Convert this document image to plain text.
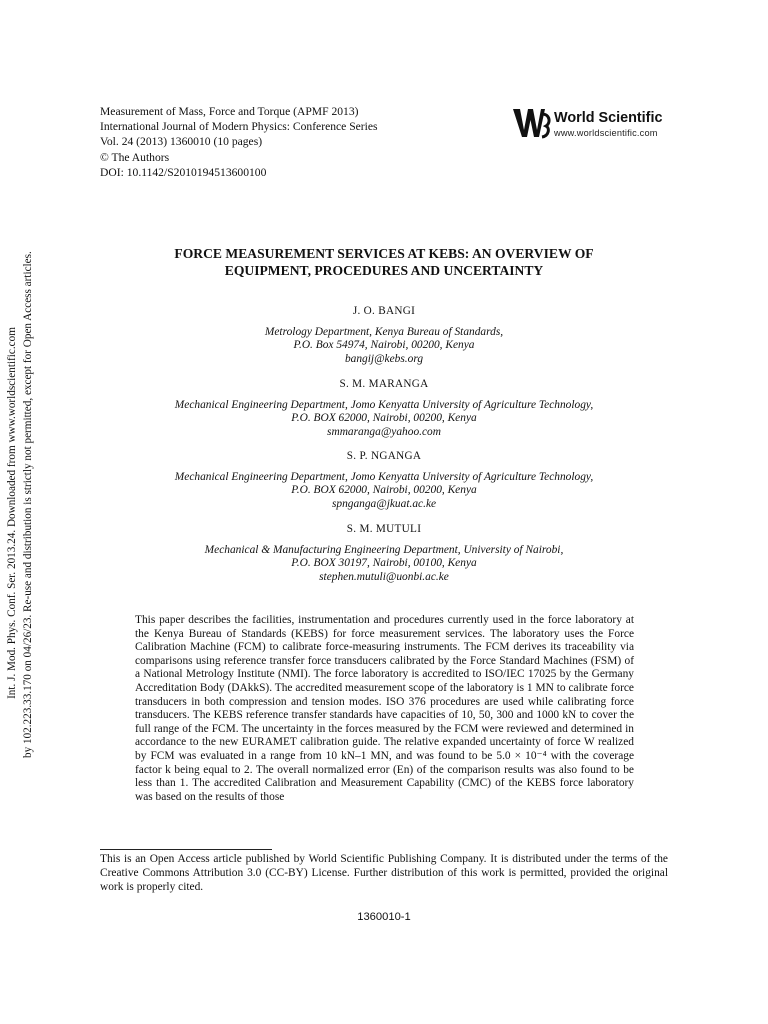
Int. J. Mod. Phys. Conf. Ser. 2013.24. Downloaded from www.worldscientific.com by 102.223.33.170 on 04/26/23. Re-use and distribution is strictly not permitted, except for Open Access articles.
Measurement of Mass, Force and Torque (APMF 2013)
International Journal of Modern Physics: Conference Series
Vol. 24 (2013) 1360010 (10 pages)
© The Authors
DOI: 10.1142/S2010194513600100
World Scientific
www.worldscientific.com
FORCE MEASUREMENT SERVICES AT KEBS: AN OVERVIEW OF
EQUIPMENT, PROCEDURES AND UNCERTAINTY
J. O. BANGI
Metrology Department, Kenya Bureau of Standards,
P.O. Box 54974, Nairobi, 00200, Kenya
bangij@kebs.org
S. M. MARANGA
Mechanical Engineering Department, Jomo Kenyatta University of Agriculture Technology,
P.O. BOX 62000, Nairobi, 00200, Kenya
smmaranga@yahoo.com
S. P. NGANGA
Mechanical Engineering Department, Jomo Kenyatta University of Agriculture Technology,
P.O. BOX 62000, Nairobi, 00200, Kenya
spnganga@jkuat.ac.ke
S. M. MUTULI
Mechanical & Manufacturing Engineering Department, University of Nairobi,
P.O. BOX 30197, Nairobi, 00100, Kenya
stephen.mutuli@uonbi.ac.ke
This paper describes the facilities, instrumentation and procedures currently used in the force laboratory at the Kenya Bureau of Standards (KEBS) for force measurement services. The laboratory uses the Force Calibration Machine (FCM) to calibrate force-measuring instruments. The FCM derives its traceability via comparisons using reference transfer force transducers calibrated by the Force Standard Machines (FSM) of a National Metrology Institute (NMI). The force laboratory is accredited to ISO/IEC 17025 by the Germany Accreditation Body (DAkkS). The accredited measurement scope of the laboratory is 1 MN to calibrate force transducers in both compression and tension modes. ISO 376 procedures are used while calibrating force transducers. The KEBS reference transfer standards have capacities of 10, 50, 300 and 1000 kN to cover the full range of the FCM. The uncertainty in the forces measured by the FCM were reviewed and determined in accordance to the new EURAMET calibration guide. The relative expanded uncertainty of force W realized by FCM was evaluated in a range from 10 kN–1 MN, and was found to be 5.0 × 10⁻⁴ with the coverage factor k being equal to 2. The overall normalized error (En) of the comparison results was also found to be less than 1. The accredited Calibration and Measurement Capability (CMC) of the KEBS force laboratory was based on the results of those
This is an Open Access article published by World Scientific Publishing Company. It is distributed under the terms of the Creative Commons Attribution 3.0 (CC-BY) License. Further distribution of this work is permitted, provided the original work is properly cited.
1360010-1
